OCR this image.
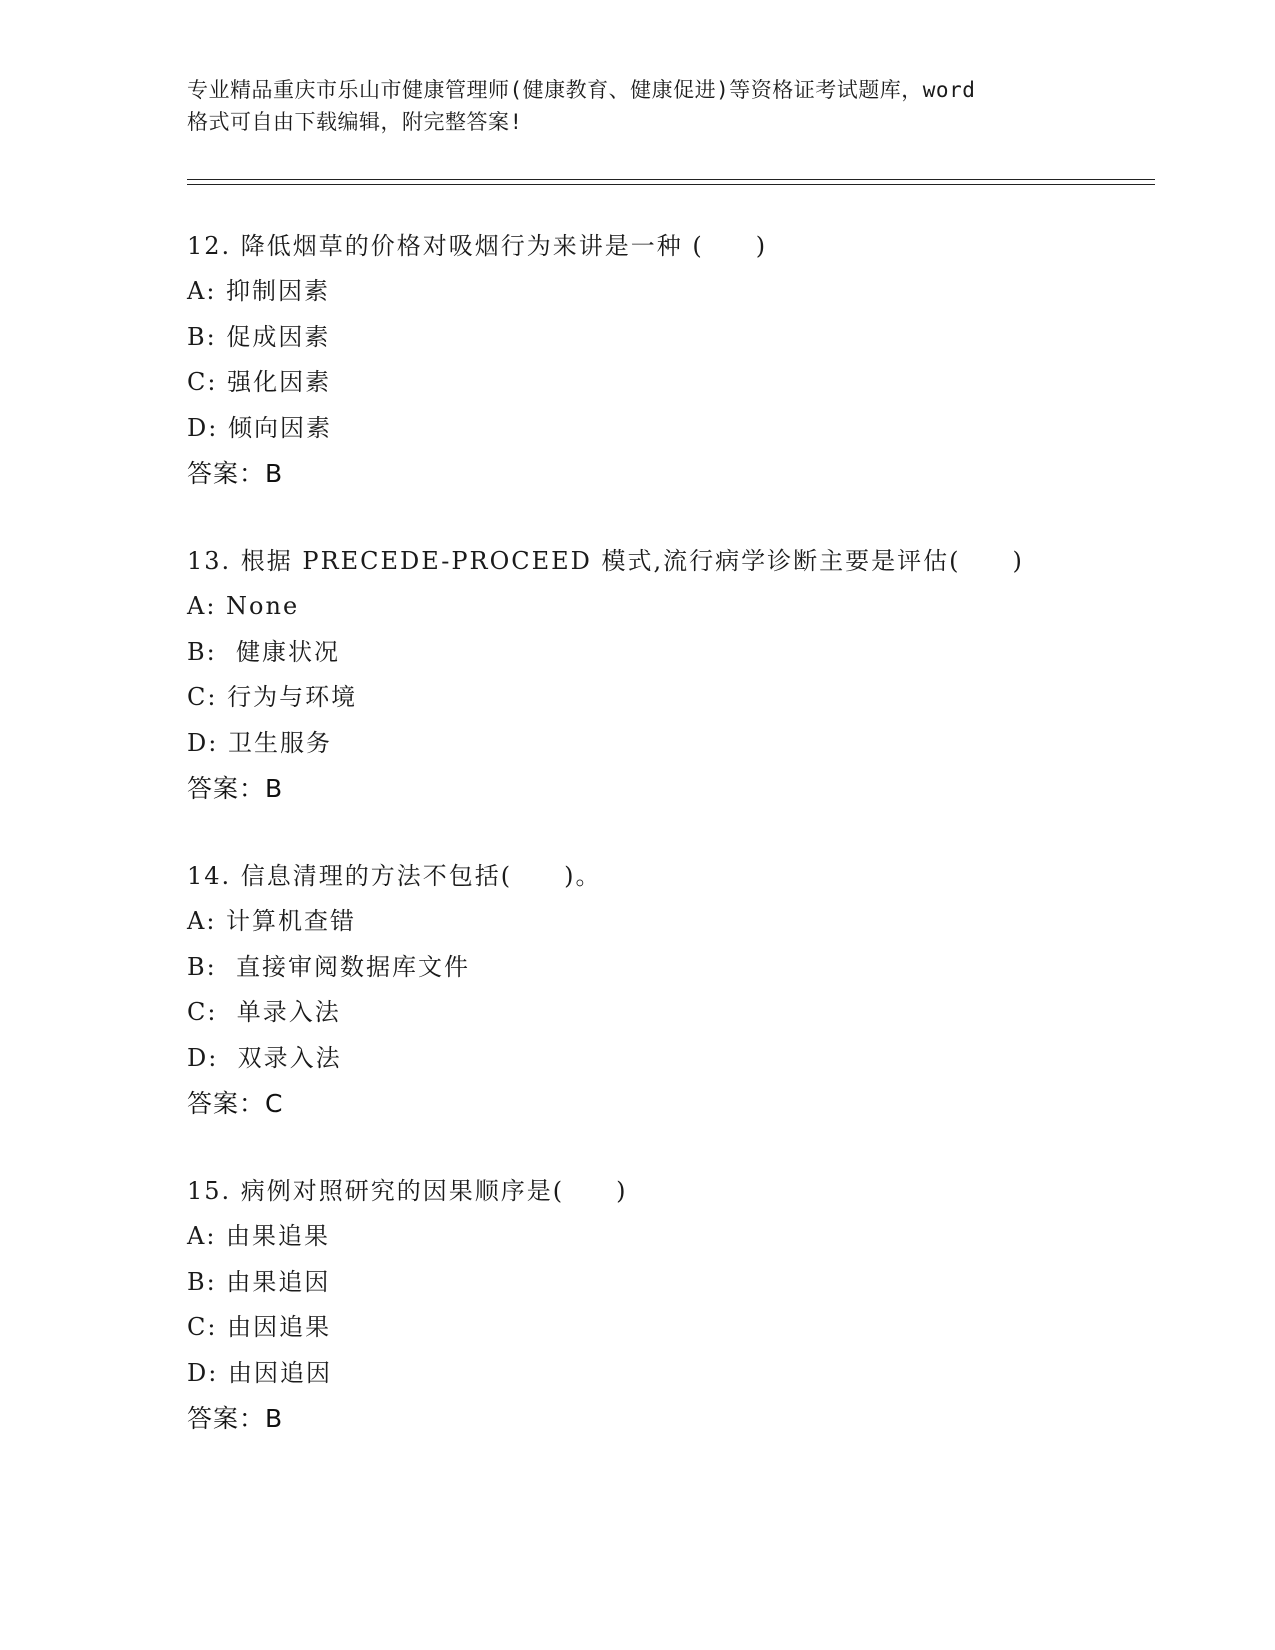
专业精品重庆市乐山市健康管理师(健康教育、健康促进)等资格证考试题库，word
格式可自由下载编辑，附完整答案!
12. 降低烟草的价格对吸烟行为来讲是一种 (　　)
A: 抑制因素
B: 促成因素
C: 强化因素
D: 倾向因素
答案：B
13. 根据 PRECEDE-PROCEED 模式,流行病学诊断主要是评估(　　)
A: None
B:  健康状况
C: 行为与环境
D: 卫生服务
答案：B
14. 信息清理的方法不包括(　　)。
A: 计算机查错
B:  直接审阅数据库文件
C:  单录入法
D:  双录入法
答案：C
15. 病例对照研究的因果顺序是(　　)
A: 由果追果
B: 由果追因
C: 由因追果
D: 由因追因
答案：B
